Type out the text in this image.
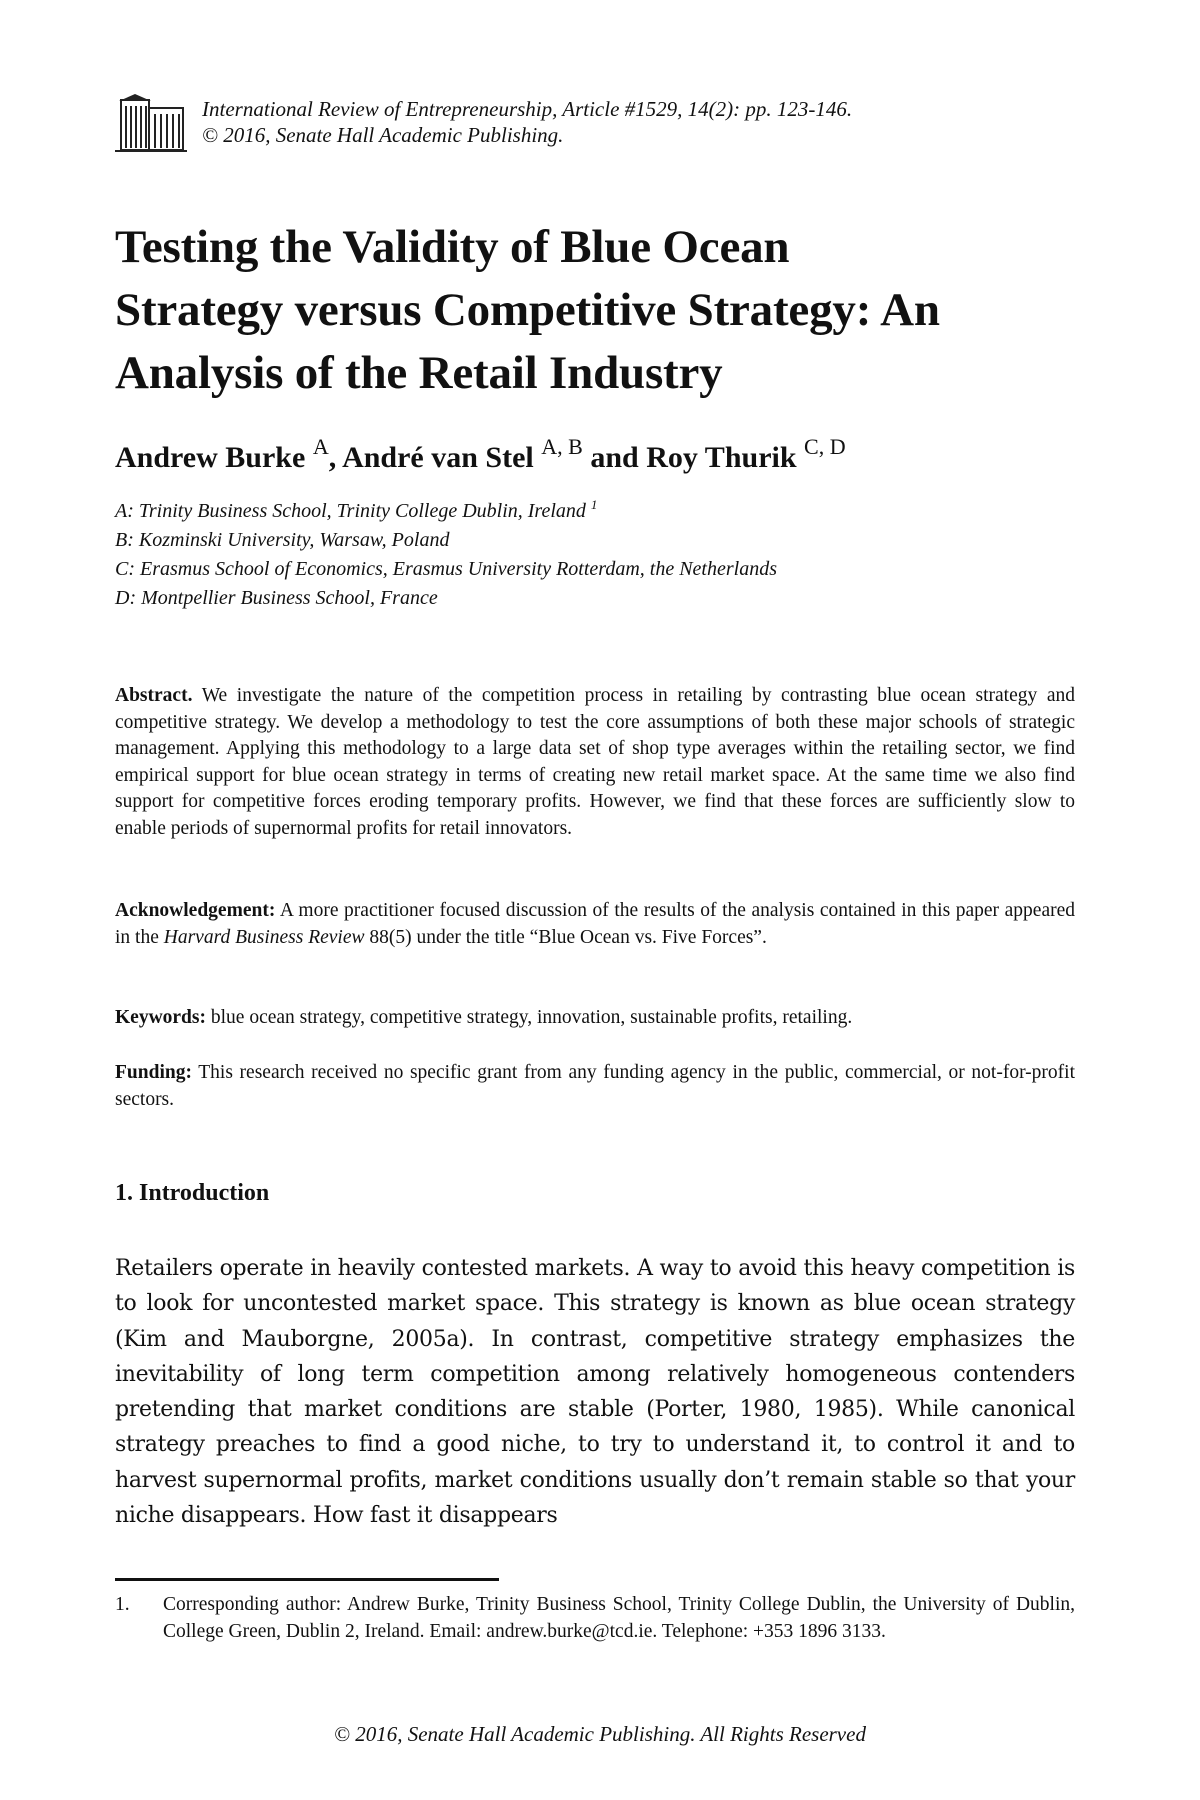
International Review of Entrepreneurship, Article #1529, 14(2): pp. 123-146.
© 2016, Senate Hall Academic Publishing.
Testing the Validity of Blue Ocean
Strategy versus Competitive Strategy: An
Analysis of the Retail Industry
Andrew Burke $^A$, André van Stel $^{A, B}$ and Roy Thurik $^{C, D}$
A: Trinity Business School, Trinity College Dublin, Ireland $^1$
B: Kozminski University, Warsaw, Poland
C: Erasmus School of Economics, Erasmus University Rotterdam, the Netherlands
D: Montpellier Business School, France
Abstract. We investigate the nature of the competition process in retailing by contrasting blue ocean strategy and competitive strategy. We develop a methodology to test the core assumptions of both these major schools of strategic management. Applying this methodology to a large data set of shop type averages within the retailing sector, we find empirical support for blue ocean strategy in terms of creating new retail market space. At the same time we also find support for competitive forces eroding temporary profits. However, we find that these forces are sufficiently slow to enable periods of supernormal profits for retail innovators.
Acknowledgement: A more practitioner focused discussion of the results of the analysis contained in this paper appeared in the Harvard Business Review 88(5) under the title “Blue Ocean vs. Five Forces”.
Keywords: blue ocean strategy, competitive strategy, innovation, sustainable profits, retailing.
Funding: This research received no specific grant from any funding agency in the public, commercial, or not-for-profit sectors.
1. Introduction

Retailers operate in heavily contested markets. A way to avoid this heavy competition is to look for uncontested market space. This strategy is known as blue ocean strategy (Kim and Mauborgne, 2005a). In contrast, competitive strategy emphasizes the inevitability of long term competition among relatively homogeneous contenders pretending that market conditions are stable (Porter, 1980, 1985). While canonical strategy preaches to find a good niche, to try to understand it, to control it and to harvest supernormal profits, market conditions usually don’t remain stable so that your niche disappears. How fast it disappears

1. Corresponding author: Andrew Burke, Trinity Business School, Trinity College Dublin, the University of Dublin, College Green, Dublin 2, Ireland. Email: andrew.burke@tcd.ie. Telephone: +353 1896 3133.
© 2016, Senate Hall Academic Publishing. All Rights Reserved
